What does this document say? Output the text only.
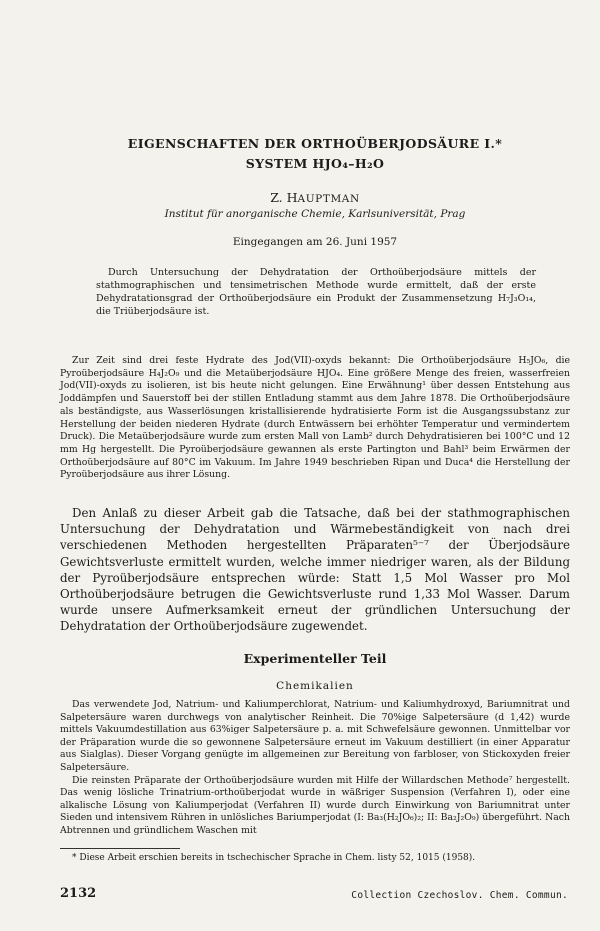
EIGENSCHAFTEN DER ORTHOÜBERJODSÄURE I.*
SYSTEM HJO₄–H₂O
Z. HAUPTMAN
Institut für anorganische Chemie, Karlsuniversität, Prag
Eingegangen am 26. Juni 1957

Durch Untersuchung der Dehydratation der Orthoüberjodsäure mittels der stathmographischen und tensimetrischen Methode wurde ermittelt, daß der erste Dehydratationsgrad der Orthoüberjodsäure ein Produkt der Zusammensetzung H₇J₃O₁₄, die Triüberjodsäure ist.

Zur Zeit sind drei feste Hydrate des Jod(VII)-oxyds bekannt: Die Orthoüberjodsäure H₅JO₆, die Pyroüberjodsäure H₄J₂O₉ und die Metaüberjodsäure HJO₄. Eine größere Menge des freien, wasserfreien Jod(VII)-oxyds zu isolieren, ist bis heute nicht gelungen. Eine Erwähnung¹ über dessen Entstehung aus Joddämpfen und Sauerstoff bei der stillen Entladung stammt aus dem Jahre 1878. Die Orthoüberjodsäure als beständigste, aus Wasserlösungen kristallisierende hydratisierte Form ist die Ausgangssubstanz zur Herstellung der beiden niederen Hydrate (durch Entwässern bei erhöhter Temperatur und vermindertem Druck). Die Metaüberjodsäure wurde zum ersten Mall von Lamb² durch Dehydratisieren bei 100°C und 12 mm Hg hergestellt. Die Pyroüberjodsäure gewannen als erste Partington und Bahl³ beim Erwärmen der Orthoüberjodsäure auf 80°C im Vakuum. Im Jahre 1949 beschrieben Ripan und Duca⁴ die Herstellung der Pyroüberjodsäure aus ihrer Lösung.

Den Anlaß zu dieser Arbeit gab die Tatsache, daß bei der stathmographischen Untersuchung der Dehydratation und Wärmebeständigkeit von nach drei verschiedenen Methoden hergestellten Präparaten⁵⁻⁷ der Überjodsäure Gewichtsverluste ermittelt wurden, welche immer niedriger waren, als der Bildung der Pyroüberjodsäure entsprechen würde: Statt 1,5 Mol Wasser pro Mol Orthoüberjodsäure betrugen die Gewichtsverluste rund 1,33 Mol Wasser. Darum wurde unsere Aufmerksamkeit erneut der gründlichen Untersuchung der Dehydratation der Orthoüberjodsäure zugewendet.

Experimenteller Teil
Chemikalien

Das verwendete Jod, Natrium- und Kaliumperchlorat, Natrium- und Kaliumhydroxyd, Bariumnitrat und Salpetersäure waren durchwegs von analytischer Reinheit. Die 70%ige Salpetersäure (d 1,42) wurde mittels Vakuumdestillation aus 63%iger Salpetersäure p. a. mit Schwefelsäure gewonnen. Unmittelbar vor der Präparation wurde die so gewonnene Salpetersäure erneut im Vakuum destilliert (in einer Apparatur aus Sialglas). Dieser Vorgang genügte im allgemeinen zur Bereitung von farbloser, von Stickoxyden freier Salpetersäure.

Die reinsten Präparate der Orthoüberjodsäure wurden mit Hilfe der Willardschen Methode⁷ hergestellt. Das wenig lösliche Trinatrium-orthoüberjodat wurde in wäßriger Suspension (Verfahren I), oder eine alkalische Lösung von Kaliumperjodat (Verfahren II) wurde durch Einwirkung von Bariumnitrat unter Sieden und intensivem Rühren in unlösliches Bariumperjodat (I: Ba₃(H₂JO₆)₂; II: Ba₂J₂O₉) übergeführt. Nach Abtrennen und gründlichem Waschen mit

* Diese Arbeit erschien bereits in tschechischer Sprache in Chem. listy 52, 1015 (1958).

2132	Collection Czechoslov. Chem. Commun.
